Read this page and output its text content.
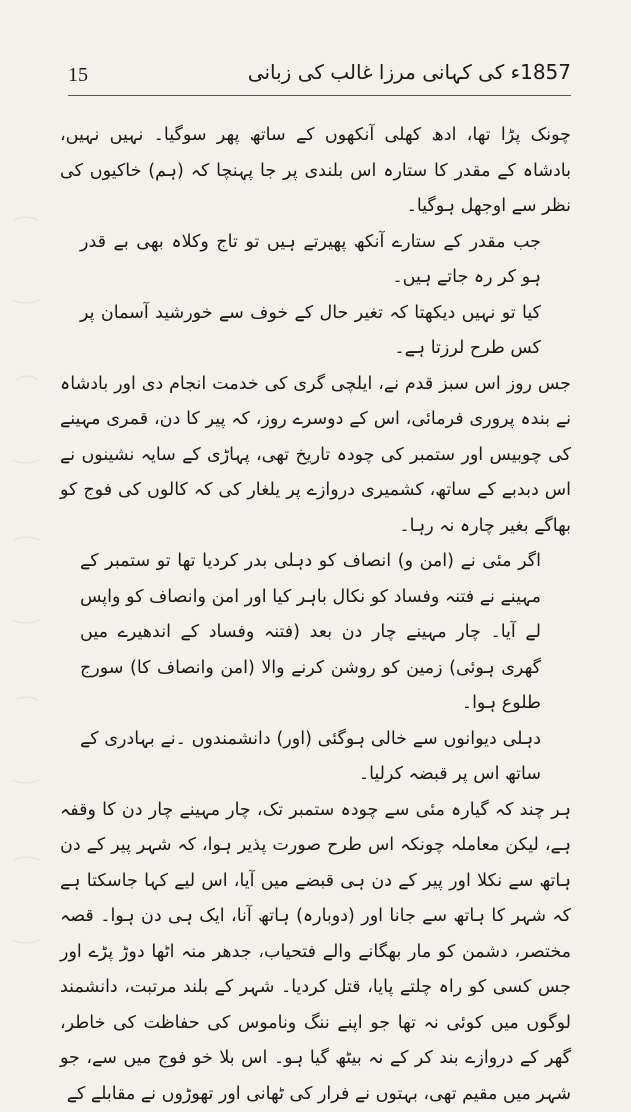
15	1857ء کی کہانی مرزا غالب کی زبانی

چونک پڑا تھا، ادھ کھلی آنکھوں کے ساتھ پھر سوگیا۔ نہیں نہیں، بادشاہ کے مقدر کا ستارہ اس بلندی پر جا پہنچا کہ (ہم) خاکیوں کی نظر سے اوجھل ہوگیا۔

جب مقدر کے ستارے آنکھ پھیرتے ہیں تو تاج وکلاہ بھی بے قدر ہو کر رہ جاتے ہیں۔

کیا تو نہیں دیکھتا کہ تغیر حال کے خوف سے خورشید آسمان پر کس طرح لرزتا ہے۔

جس روز اس سبز قدم نے، ایلچی گری کی خدمت انجام دی اور بادشاہ نے بندہ پروری فرمائی، اس کے دوسرے روز، کہ پیر کا دن، قمری مہینے کی چوبیس اور ستمبر کی چودہ تاریخ تھی، پہاڑی کے سایہ نشینوں نے اس دبدبے کے ساتھ، کشمیری دروازے پر یلغار کی کہ کالوں کی فوج کو بھاگے بغیر چارہ نہ رہا۔

اگر مئی نے (امن و) انصاف کو دہلی بدر کردیا تھا تو ستمبر کے مہینے نے فتنہ وفساد کو نکال باہر کیا اور امن وانصاف کو واپس لے آیا۔ چار مہینے چار دن بعد (فتنہ وفساد کے اندھیرے میں گھری ہوئی) زمین کو روشن کرنے والا (امن وانصاف کا) سورج طلوع ہوا۔

دہلی دیوانوں سے خالی ہوگئی (اور) دانشمندوں ۔نے بہادری کے ساتھ اس پر قبضہ کرلیا۔

ہر چند کہ گیارہ مئی سے چودہ ستمبر تک، چار مہینے چار دن کا وقفہ ہے، لیکن معاملہ چونکہ اس طرح صورت پذیر ہوا، کہ شہر پیر کے دن ہاتھ سے نکلا اور پیر کے دن ہی قبضے میں آیا، اس لیے کہا جاسکتا ہے کہ شہر کا ہاتھ سے جانا اور (دوبارہ) ہاتھ آنا، ایک ہی دن ہوا۔ قصہ مختصر، دشمن کو مار بھگانے والے فتحیاب، جدھر منہ اٹھا دوڑ پڑے اور جس کسی کو راہ چلتے پایا، قتل کردیا۔ شہر کے بلند مرتبت، دانشمند لوگوں میں کوئی نہ تھا جو اپنے ننگ وناموس کی حفاظت کی خاطر، گھر کے دروازے بند کر کے نہ بیٹھ گیا ہو۔ اس بلا خو فوج میں سے، جو شہر میں مقیم تھی، بہتوں نے فرار کی ٹھانی اور تھوڑوں نے مقابلے کے
